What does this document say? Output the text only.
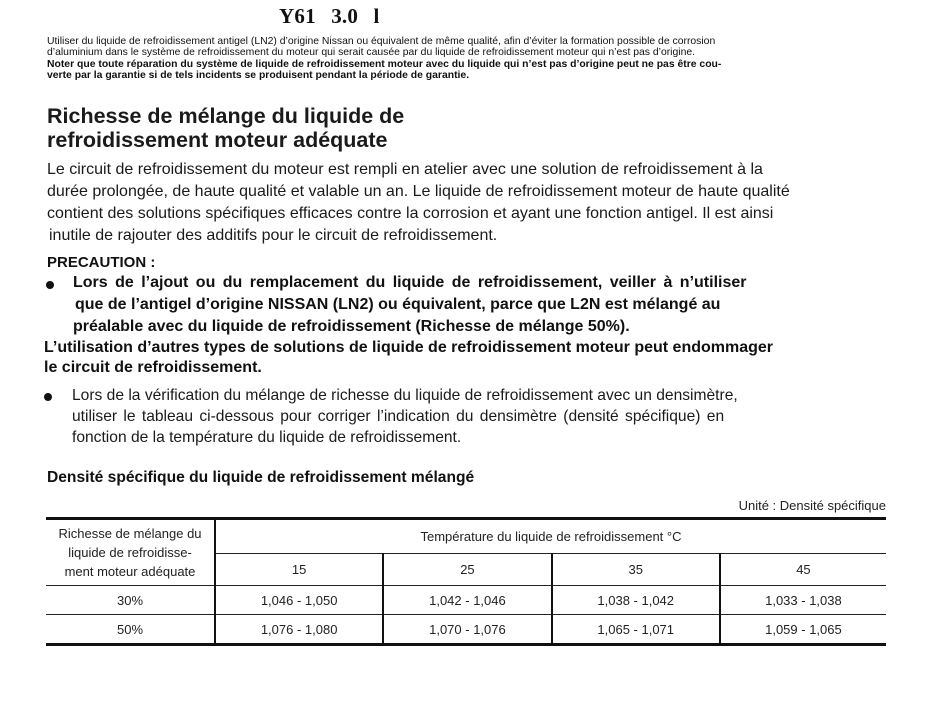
Y61 3.0 l
Utiliser du liquide de refroidissement antigel (LN2) d’origine Nissan ou équivalent de même qualité, afin d’éviter la formation possible de corrosion
d’aluminium dans le système de refroidissement du moteur qui serait causée par du liquide de refroidissement moteur qui n’est pas d’origine.
Noter que toute réparation du système de liquide de refroidissement moteur avec du liquide qui n’est pas d’origine peut ne pas être cou-
verte par la garantie si de tels incidents se produisent pendant la période de garantie.
Richesse de mélange du liquide de
refroidissement moteur adéquate
Le circuit de refroidissement du moteur est rempli en atelier avec une solution de refroidissement à la
durée prolongée, de haute qualité et valable un an. Le liquide de refroidissement moteur de haute qualité
contient des solutions spécifiques efficaces contre la corrosion et ayant une fonction antigel. Il est ainsi
inutile de rajouter des additifs pour le circuit de refroidissement.
PRECAUTION :
Lors de l’ajout ou du remplacement du liquide de refroidissement, veiller à n’utiliser
que de l’antigel d’origine NISSAN (LN2) ou équivalent, parce que L2N est mélangé au
préalable avec du liquide de refroidissement (Richesse de mélange 50%).
L’utilisation d’autres types de solutions de liquide de refroidissement moteur peut endommager
le circuit de refroidissement.
Lors de la vérification du mélange de richesse du liquide de refroidissement avec un densimètre,
utiliser le tableau ci-dessous pour corriger l’indication du densimètre (densité spécifique) en
fonction de la température du liquide de refroidissement.
Densité spécifique du liquide de refroidissement mélangé
Unité : Densité spécifique
Richesse de mélange du
liquide de refroidisse-
ment moteur adéquate	Température du liquide de refroidissement °C			
	15	25	35	45
30%	1,046 - 1,050	1,042 - 1,046	1,038 - 1,042	1,033 - 1,038
50%	1,076 - 1,080	1,070 - 1,076	1,065 - 1,071	1,059 - 1,065
